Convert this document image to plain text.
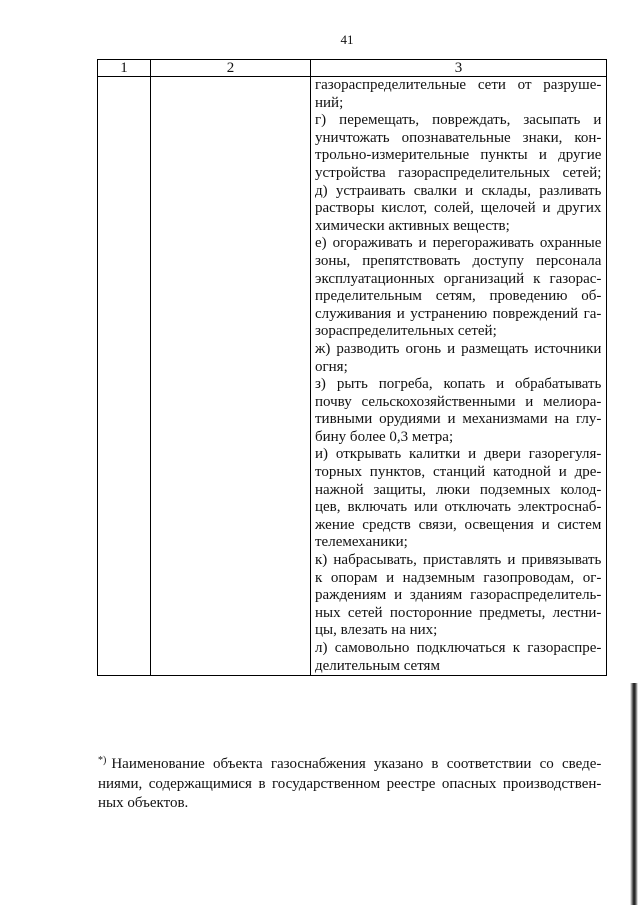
41
1	2	3
газораспределительные сети от разруше-
ний;
г) перемещать, повреждать, засыпать и
уничтожать опознавательные знаки, кон-
трольно-измерительные пункты и другие
устройства газораспределительных сетей;
д) устраивать свалки и склады, разливать
растворы кислот, солей, щелочей и других
химически активных веществ;
е) огораживать и перегораживать охранные
зоны, препятствовать доступу персонала
эксплуатационных организаций к газорас-
пределительным сетям, проведению об-
служивания и устранению повреждений га-
зораспределительных сетей;
ж) разводить огонь и размещать источники
огня;
з) рыть погреба, копать и обрабатывать
почву сельскохозяйственными и мелиора-
тивными орудиями и механизмами на глу-
бину более 0,3 метра;
и) открывать калитки и двери газорегуля-
торных пунктов, станций катодной и дре-
нажной защиты, люки подземных колод-
цев, включать или отключать электроснаб-
жение средств связи, освещения и систем
телемеханики;
к) набрасывать, приставлять и привязывать
к опорам и надземным газопроводам, ог-
раждениям и зданиям газораспределитель-
ных сетей посторонние предметы, лестни-
цы, влезать на них;
л) самовольно подключаться к газораспре-
делительным сетям
*) Наименование объекта газоснабжения указано в соответствии со сведе-
ниями, содержащимися в государственном реестре опасных производствен-
ных объектов.
